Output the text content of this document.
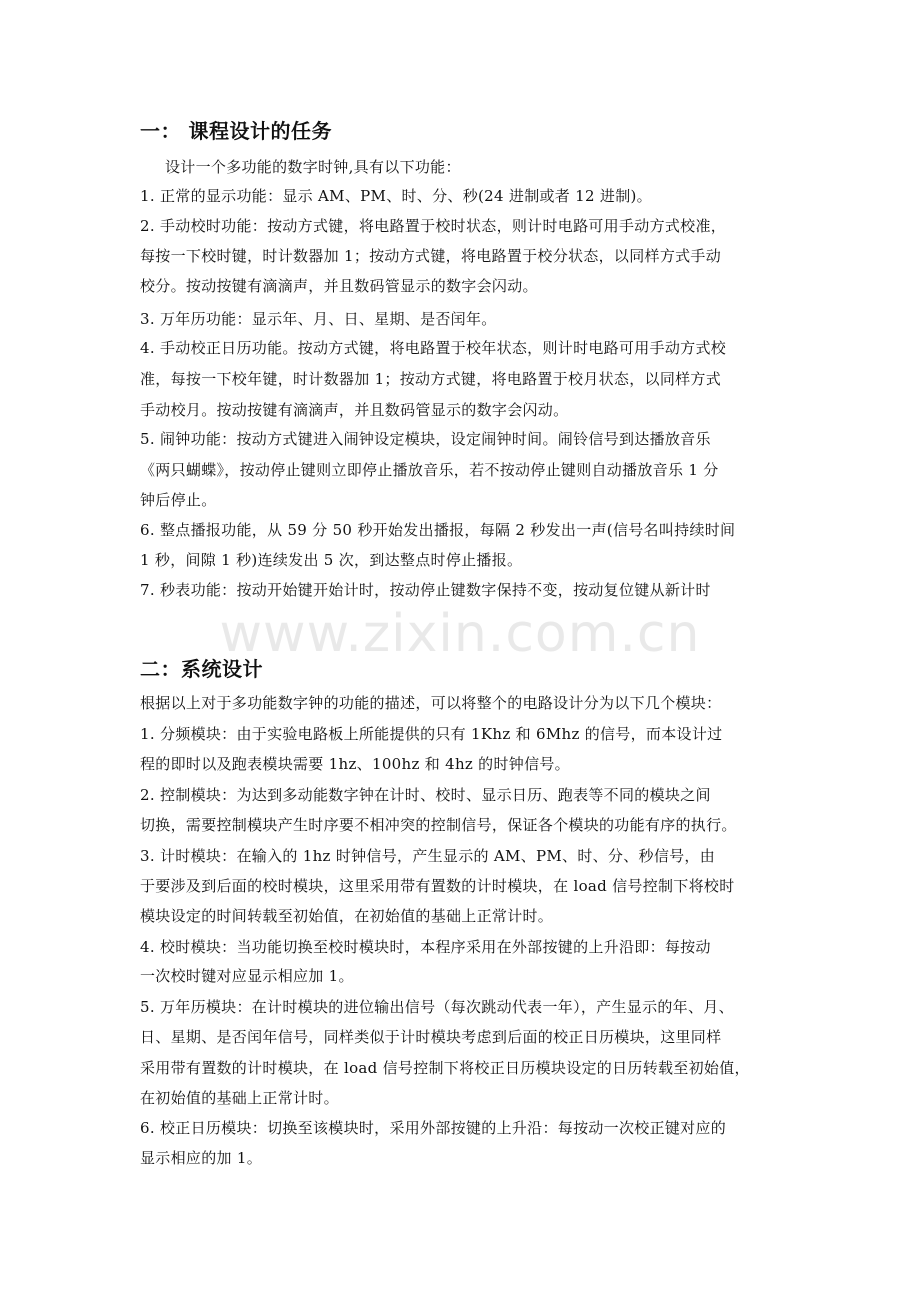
www.zixin.com.cn
一： 课程设计的任务
设计一个多功能的数字时钟,具有以下功能：
1. 正常的显示功能：显示 AM、PM、时、分、秒(24 进制或者 12 进制)。
2. 手动校时功能：按动方式键，将电路置于校时状态，则计时电路可用手动方式校准，
每按一下校时键，时计数器加 1；按动方式键，将电路置于校分状态，以同样方式手动
校分。按动按键有滴滴声，并且数码管显示的数字会闪动。
3. 万年历功能：显示年、月、日、星期、是否闰年。
4. 手动校正日历功能。按动方式键，将电路置于校年状态，则计时电路可用手动方式校
准，每按一下校年键，时计数器加 1；按动方式键，将电路置于校月状态，以同样方式
手动校月。按动按键有滴滴声，并且数码管显示的数字会闪动。
5. 闹钟功能：按动方式键进入闹钟设定模块，设定闹钟时间。闹铃信号到达播放音乐
《两只蝴蝶》，按动停止键则立即停止播放音乐，若不按动停止键则自动播放音乐 1 分
钟后停止。
6. 整点播报功能，从 59 分 50 秒开始发出播报，每隔 2 秒发出一声(信号名叫持续时间
1 秒，间隙 1 秒)连续发出 5 次，到达整点时停止播报。
7. 秒表功能：按动开始键开始计时，按动停止键数字保持不变，按动复位键从新计时
二：系统设计
根据以上对于多功能数字钟的功能的描述，可以将整个的电路设计分为以下几个模块：
1. 分频模块：由于实验电路板上所能提供的只有 1Khz 和 6Mhz 的信号，而本设计过
程的即时以及跑表模块需要 1hz、100hz 和 4hz 的时钟信号。
2. 控制模块：为达到多动能数字钟在计时、校时、显示日历、跑表等不同的模块之间
切换，需要控制模块产生时序要不相冲突的控制信号，保证各个模块的功能有序的执行。
3. 计时模块：在输入的 1hz 时钟信号，产生显示的 AM、PM、时、分、秒信号，由
于要涉及到后面的校时模块，这里采用带有置数的计时模块，在 load 信号控制下将校时
模块设定的时间转载至初始值，在初始值的基础上正常计时。
4. 校时模块：当功能切换至校时模块时，本程序采用在外部按键的上升沿即：每按动
一次校时键对应显示相应加 1。
5. 万年历模块：在计时模块的进位输出信号（每次跳动代表一年），产生显示的年、月、
日、星期、是否闰年信号，同样类似于计时模块考虑到后面的校正日历模块，这里同样
采用带有置数的计时模块，在 load 信号控制下将校正日历模块设定的日历转载至初始值，
在初始值的基础上正常计时。
6. 校正日历模块：切换至该模块时，采用外部按键的上升沿：每按动一次校正键对应的
显示相应的加 1。
